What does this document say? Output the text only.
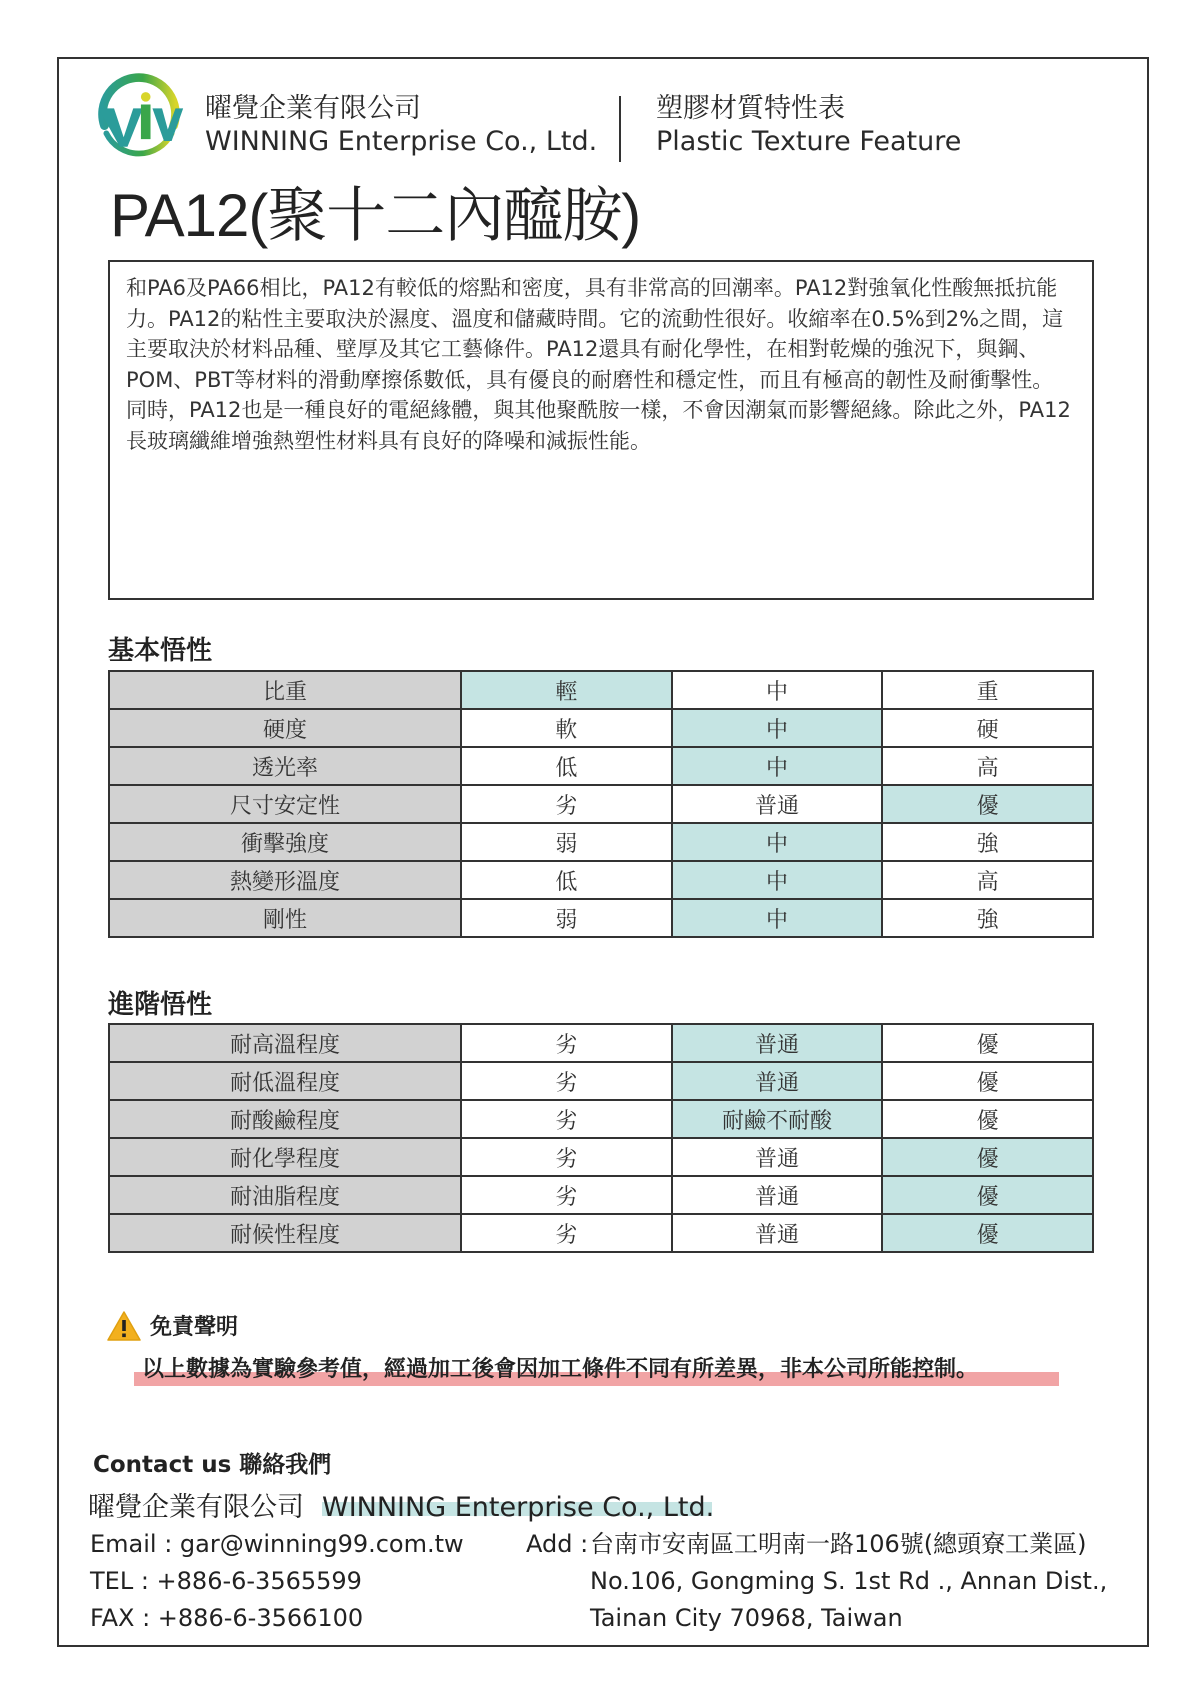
曜覺企業有限公司
WINNING Enterprise Co., Ltd.
塑膠材質特性表
Plastic Texture Feature
PA12(聚十二內醯胺)
和PA6及PA66相比，PA12有較低的熔點和密度，具有非常高的回潮率。PA12對強氧化性酸無抵抗能力。PA12的粘性主要取決於濕度、溫度和儲藏時間。它的流動性很好。收縮率在0.5%到2%之間，這主要取決於材料品種、壁厚及其它工藝條件。PA12還具有耐化學性，在相對乾燥的強況下，與鋼、POM、PBT等材料的滑動摩擦係數低，具有優良的耐磨性和穩定性，而且有極高的韌性及耐衝擊性。 同時，PA12也是一種良好的電絕緣體，與其他聚酰胺一樣，不會因潮氣而影響絕緣。除此之外，PA12長玻璃纖維增強熱塑性材料具有良好的降噪和減振性能。
基本悟性
比重	輕	中	重
硬度	軟	中	硬
透光率	低	中	高
尺寸安定性	劣	普通	優
衝擊強度	弱	中	強
熱變形溫度	低	中	高
剛性	弱	中	強
進階悟性
耐高溫程度	劣	普通	優
耐低溫程度	劣	普通	優
耐酸鹼程度	劣	耐鹼不耐酸	優
耐化學程度	劣	普通	優
耐油脂程度	劣	普通	優
耐候性程度	劣	普通	優
免責聲明
以上數據為實驗參考值，經過加工後會因加工條件不同有所差異，非本公司所能控制。
Contact us 聯絡我們
曜覺企業有限公司 WINNING Enterprise Co., Ltd.
Email : gar@winning99.com.tw
TEL : +886-6-3565599
FAX : +886-6-3566100
Add : 台南市安南區工明南一路106號(總頭寮工業區)
No.106, Gongming S. 1st Rd ., Annan Dist.,
Tainan City 70968, Taiwan
